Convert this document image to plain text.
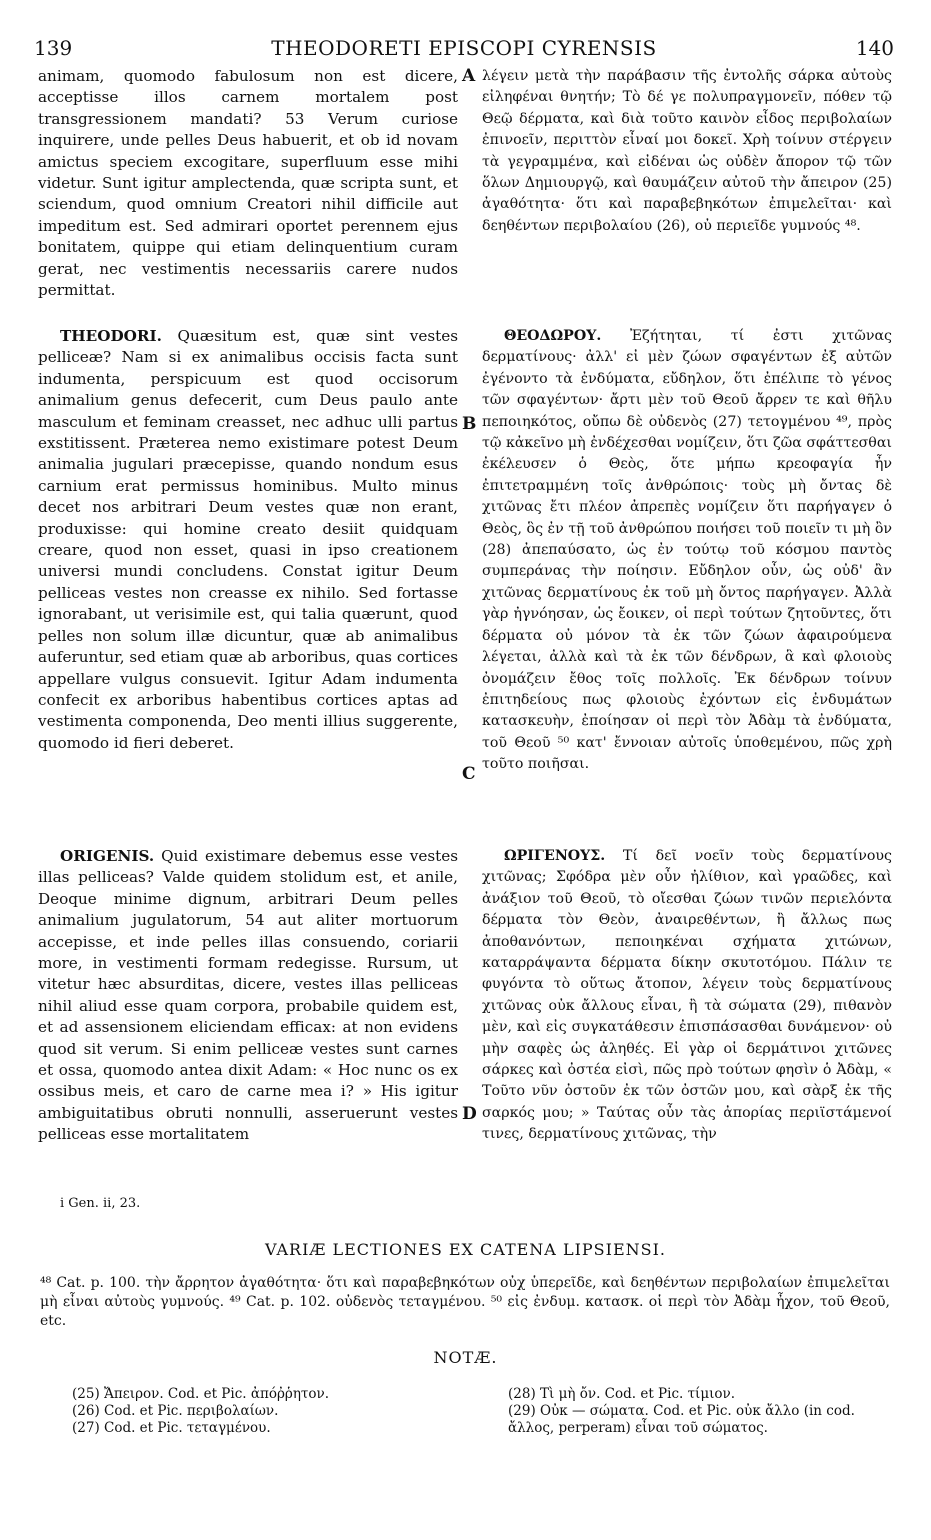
139	THEODORETI EPISCOPI CYRENSIS	140

animam, quomodo fabulosum non est dicere, acceptisse illos carnem mortalem post transgressionem mandati? 53 Verum curiose inquirere, unde pelles Deus habuerit, et ob id novam amictus speciem excogitare, superfluum esse mihi videtur. Sunt igitur amplectenda, quæ scripta sunt, et sciendum, quod omnium Creatori nihil difficile aut impeditum est. Sed admirari oportet perennem ejus bonitatem, quippe qui etiam delinquentium curam gerat, nec vestimentis necessariis carere nudos permittat.

THEODORI. Quæsitum est, quæ sint vestes pelliceæ? Nam si ex animalibus occisis facta sunt indumenta, perspicuum est quod occisorum animalium genus defecerit, cum Deus paulo ante masculum et feminam creasset, nec adhuc ulli partus exstitissent. Præterea nemo existimare potest Deum animalia jugulari præcepisse, quando nondum esus carnium erat permissus hominibus. Multo minus decet nos arbitrari Deum vestes quæ non erant, produxisse: qui homine creato desiit quidquam creare, quod non esset, quasi in ipso creationem universi mundi concludens. Constat igitur Deum pelliceas vestes non creasse ex nihilo. Sed fortasse ignorabant, ut verisimile est, qui talia quærunt, quod pelles non solum illæ dicuntur, quæ ab animalibus auferuntur, sed etiam quæ ab arboribus, quas cortices appellare vulgus consuevit. Igitur Adam indumenta confecit ex arboribus habentibus cortices aptas ad vestimenta componenda, Deo menti illius suggerente, quomodo id fieri deberet.

ORIGENIS. Quid existimare debemus esse vestes illas pelliceas? Valde quidem stolidum est, et anile, Deoque minime dignum, arbitrari Deum pelles animalium jugulatorum, 54 aut aliter mortuorum accepisse, et inde pelles illas consuendo, coriarii more, in vestimenti formam redegisse. Rursum, ut vitetur hæc absurditas, dicere, vestes illas pelliceas nihil aliud esse quam corpora, probabile quidem est, et ad assensionem eliciendam efficax: at non evidens quod sit verum. Si enim pelliceæ vestes sunt carnes et ossa, quomodo antea dixit Adam: « Hoc nunc os ex ossibus meis, et caro de carne mea i? » His igitur ambiguitatibus obruti nonnulli, asseruerunt vestes pelliceas esse mortalitatem

A
B
C
D

λέγειν μετὰ τὴν παράβασιν τῆς ἐντολῆς σάρκα αὐτοὺς εἰληφέναι θνητήν; Τὸ δέ γε πολυπραγμονεῖν, πόθεν τῷ Θεῷ δέρματα, καὶ διὰ τοῦτο καινὸν εἶδος περιβολαίων ἐπινοεῖν, περιττὸν εἶναί μοι δοκεῖ. Χρὴ τοίνυν στέργειν τὰ γεγραμμένα, καὶ εἰδέναι ὡς οὐδὲν ἄπορον τῷ τῶν ὅλων Δημιουργῷ, καὶ θαυμάζειν αὐτοῦ τὴν ἄπειρον (25) ἀγαθότητα· ὅτι καὶ παραβεβηκότων ἐπιμελεῖται· καὶ δεηθέντων περιβολαίου (26), οὐ περιεῖδε γυμνούς ⁴⁸.

ΘΕΟΔΩΡΟΥ. Ἐζήτηται, τί ἐστι χιτῶνας δερματίνους· ἀλλ' εἰ μὲν ζώων σφαγέντων ἐξ αὐτῶν ἐγένοντο τὰ ἐνδύματα, εὔδηλον, ὅτι ἐπέλιπε τὸ γένος τῶν σφαγέντων· ἄρτι μὲν τοῦ Θεοῦ ἄρρεν τε καὶ θῆλυ πεποιηκότος, οὔπω δὲ οὐδενὸς (27) τετογμένου ⁴⁹, πρὸς τῷ κἀκεῖνο μὴ ἐνδέχεσθαι νομίζειν, ὅτι ζῶα σφάττεσθαι ἐκέλευσεν ὁ Θεὸς, ὅτε μήπω κρεοφαγία ἦν ἐπιτετραμμένη τοῖς ἀνθρώποις· τοὺς μὴ ὄντας δὲ χιτῶνας ἔτι πλέον ἀπρεπὲς νομίζειν ὅτι παρήγαγεν ὁ Θεὸς, ὃς ἐν τῇ τοῦ ἀνθρώπου ποιήσει τοῦ ποιεῖν τι μὴ ὂν (28) ἀπεπαύσατο, ὡς ἐν τούτῳ τοῦ κόσμου παντὸς συμπεράνας τὴν ποίησιν. Εὔδηλον οὖν, ὡς οὐδ' ἂν χιτῶνας δερματίνους ἐκ τοῦ μὴ ὄντος παρήγαγεν. Ἀλλὰ γὰρ ἠγνόησαν, ὡς ἔοικεν, οἱ περὶ τούτων ζητοῦντες, ὅτι δέρματα οὐ μόνον τὰ ἐκ τῶν ζώων ἀφαιρούμενα λέγεται, ἀλλὰ καὶ τὰ ἐκ τῶν δένδρων, ἃ καὶ φλοιοὺς ὀνομάζειν ἔθος τοῖς πολλοῖς. Ἐκ δένδρων τοίνυν ἐπιτηδείους πως φλοιοὺς ἐχόντων εἰς ἐνδυμάτων κατασκευὴν, ἐποίησαν οἱ περὶ τὸν Ἀδὰμ τὰ ἐνδύματα, τοῦ Θεοῦ ⁵⁰ κατ' ἔννοιαν αὐτοῖς ὑποθεμένου, πῶς χρὴ τοῦτο ποιῆσαι.

ΩΡΙΓΕΝΟΥΣ. Τί δεῖ νοεῖν τοὺς δερματίνους χιτῶνας; Σφόδρα μὲν οὖν ἠλίθιον, καὶ γραῶδες, καὶ ἀνάξιον τοῦ Θεοῦ, τὸ οἴεσθαι ζώων τινῶν περιελόντα δέρματα τὸν Θεὸν, ἀναιρεθέντων, ἢ ἄλλως πως ἀποθανόντων, πεποιηκέναι σχήματα χιτώνων, καταρράψαντα δέρματα δίκην σκυτοτόμου. Πάλιν τε φυγόντα τὸ οὕτως ἄτοπον, λέγειν τοὺς δερματίνους χιτῶνας οὐκ ἄλλους εἶναι, ἢ τὰ σώματα (29), πιθανὸν μὲν, καὶ εἰς συγκατάθεσιν ἐπισπάσασθαι δυνάμενον· οὐ μὴν σαφὲς ὡς ἀληθές. Εἰ γὰρ οἱ δερμάτινοι χιτῶνες σάρκες καὶ ὀστέα εἰσὶ, πῶς πρὸ τούτων φησὶν ὁ Ἀδὰμ, « Τοῦτο νῦν ὀστοῦν ἐκ τῶν ὀστῶν μου, καὶ σὰρξ ἐκ τῆς σαρκός μου; » Ταύτας οὖν τὰς ἀπορίας περιϊστάμενοί τινες, δερματίνους χιτῶνας, τὴν

i Gen. ii, 23.
VARIÆ LECTIONES EX CATENA LIPSIENSI.
⁴⁸ Cat. p. 100. τὴν ἄρρητον ἀγαθότητα· ὅτι καὶ παραβεβηκότων οὐχ ὑπερεῖδε, καὶ δεηθέντων περιβολαίων ἐπιμελεῖται μὴ εἶναι αὐτοὺς γυμνούς. ⁴⁹ Cat. p. 102. οὐδενὸς τεταγμένου. ⁵⁰ εἰς ἐνδυμ. κατασκ. οἱ περὶ τὸν Ἀδὰμ ἦχον, τοῦ Θεοῦ, etc.
NOTÆ.

(25) Ἄπειρον. Cod. et Pic. ἀπόῤῥητον.

(26) Cod. et Pic. περιβολαίων.

(27) Cod. et Pic. τεταγμένου.

(28) Τὶ μὴ ὄν. Cod. et Pic. τίμιον.

(29) Οὐκ — σώματα. Cod. et Pic. οὐκ ἄλλο (in cod. ἄλλος, perperam) εἶναι τοῦ σώματος.
